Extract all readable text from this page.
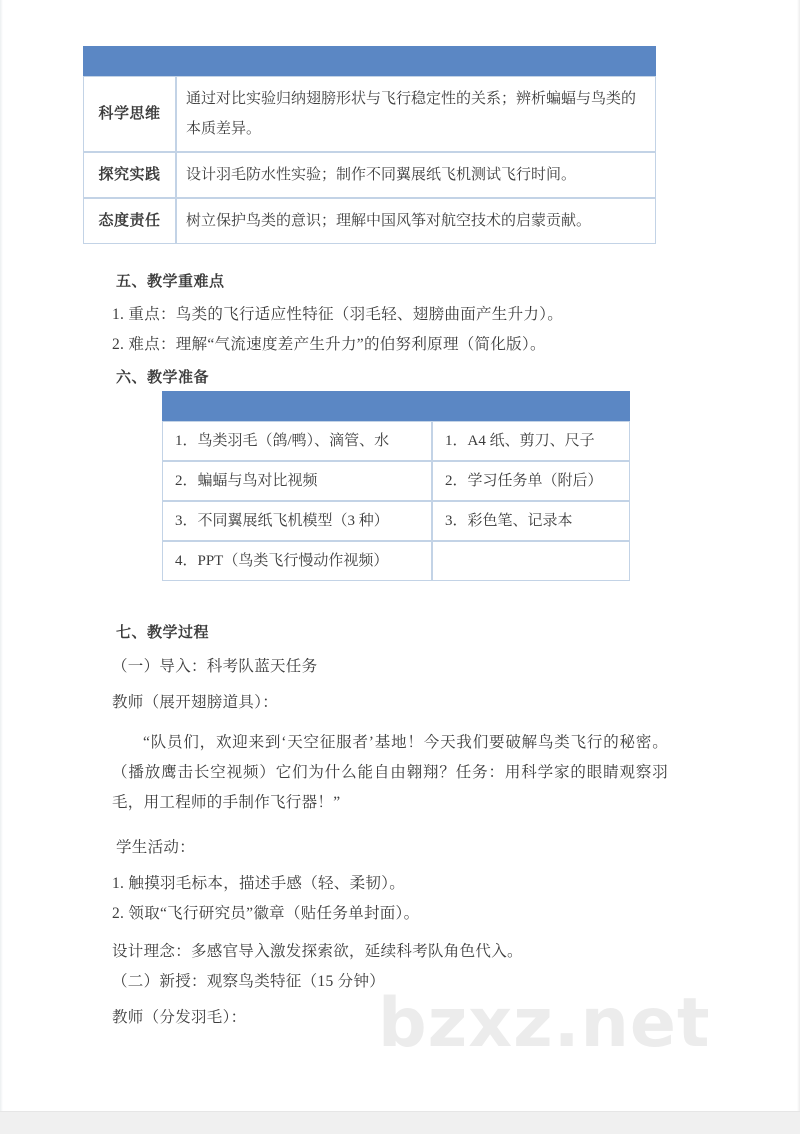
bzxz.net

科学思维	通过对比实验归纳翅膀形状与飞行稳定性的关系；辨析蝙蝠与鸟类的本质差异。
探究实践	设计羽毛防水性实验；制作不同翼展纸飞机测试飞行时间。
态度责任	树立保护鸟类的意识；理解中国风筝对航空技术的启蒙贡献。
五、教学重难点
1. 重点：鸟类的飞行适应性特征（羽毛轻、翅膀曲面产生升力）。
2. 难点：理解“气流速度差产生升力”的伯努利原理（简化版）。
六、教学准备

1．鸟类羽毛（鸽/鸭）、滴管、水	1．A4 纸、剪刀、尺子
2．蝙蝠与鸟对比视频	2．学习任务单（附后）
3．不同翼展纸飞机模型（3 种）	3．彩色笔、记录本
4．PPT（鸟类飞行慢动作视频）	
七、教学过程
（一）导入：科考队蓝天任务
教师（展开翅膀道具）：
“队员们，欢迎来到‘天空征服者’基地！今天我们要破解鸟类飞行的秘密。（播放鹰击长空视频）它们为什么能自由翱翔？任务：用科学家的眼睛观察羽毛，用工程师的手制作飞行器！”
学生活动：
1. 触摸羽毛标本，描述手感（轻、柔韧）。
2. 领取“飞行研究员”徽章（贴任务单封面）。
设计理念：多感官导入激发探索欲，延续科考队角色代入。
（二）新授：观察鸟类特征（15 分钟）
教师（分发羽毛）：
